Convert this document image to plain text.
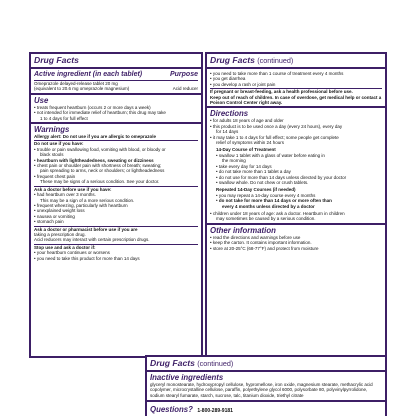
Drug Facts
Active ingredient (in each tablet)	Purpose
Omeprazole delayed-release tablet 20 mg
(equivalent to 20.6 mg omeprazole magnesium)	Acid reducer
Use
• treats frequent heartburn (occurs 2 or more days a week)
• not intended for immediate relief of heartburn; this drug may take
1 to 4 days for full effect
Warnings
Allergy alert: Do not use if you are allergic to omeprazole
Do not use if you have:
• trouble or pain swallowing food, vomiting with blood, or bloody or
black stools
• heartburn with lightheadedness, sweating or dizziness
• chest pain or shoulder pain with shortness of breath; sweating;
pain spreading to arms, neck or shoulders; or lightheadedness
• frequent chest pain
These may be signs of a serious condition. See your doctor.
Ask a doctor before use if you have:
• had heartburn over 3 months.
This may be a sign of a more serious condition.
• frequent wheezing, particularly with heartburn
• unexplained weight loss
• nausea or vomiting
• stomach pain
Ask a doctor or pharmacist before use if you are
taking a prescription drug.
Acid reducers may interact with certain prescription drugs.
Stop use and ask a doctor if:
• your heartburn continues or worsens
• you need to take this product for more than 14 days
Drug Facts (continued)
• you need to take more than 1 course of treatment every 4 months
• you get diarrhea
• you develop a rash or joint pain
If pregnant or breast-feeding, ask a health professional before use.
Keep out of reach of children. In case of overdose, get medical help or contact a Poison Control Center right away.
Directions
• for adults 18 years of age and older
• this product is to be used once a day (every 24 hours), every day
for 14 days
• it may take 1 to 4 days for full effect; some people get complete
relief of symptoms within 24 hours
14-Day Course of Treatment
• swallow 1 tablet with a glass of water before eating in
the morning
• take every day for 14 days
• do not take more than 1 tablet a day
• do not use for more than 14 days unless directed by your doctor
• swallow whole. Do not chew or crush tablets.
Repeated 14-Day Courses (if needed)
• you may repeat a 14-day course every 4 months
• do not take for more than 14 days or more often than
every 4 months unless directed by a doctor
• children under 18 years of age: ask a doctor. Heartburn in children
may sometimes be caused by a serious condition.
Other information
• read the directions and warnings before use
• keep the carton. It contains important information.
• store at 20-25°C (68-77°F) and protect from moisture
Drug Facts (continued)
Inactive ingredients
glyceryl monostearate, hydroxypropyl cellulose, hypromellose, iron oxide, magnesium stearate, methacrylic acid copolymer, microcrystalline cellulose, paraffin, polyethylene glycol 6000, polysorbate 80, polyvinylpyrrolidone, sodium stearyl fumarate, starch, sucrose, talc, titanium dioxide, triethyl citrate
Questions? 1-800-289-9181
